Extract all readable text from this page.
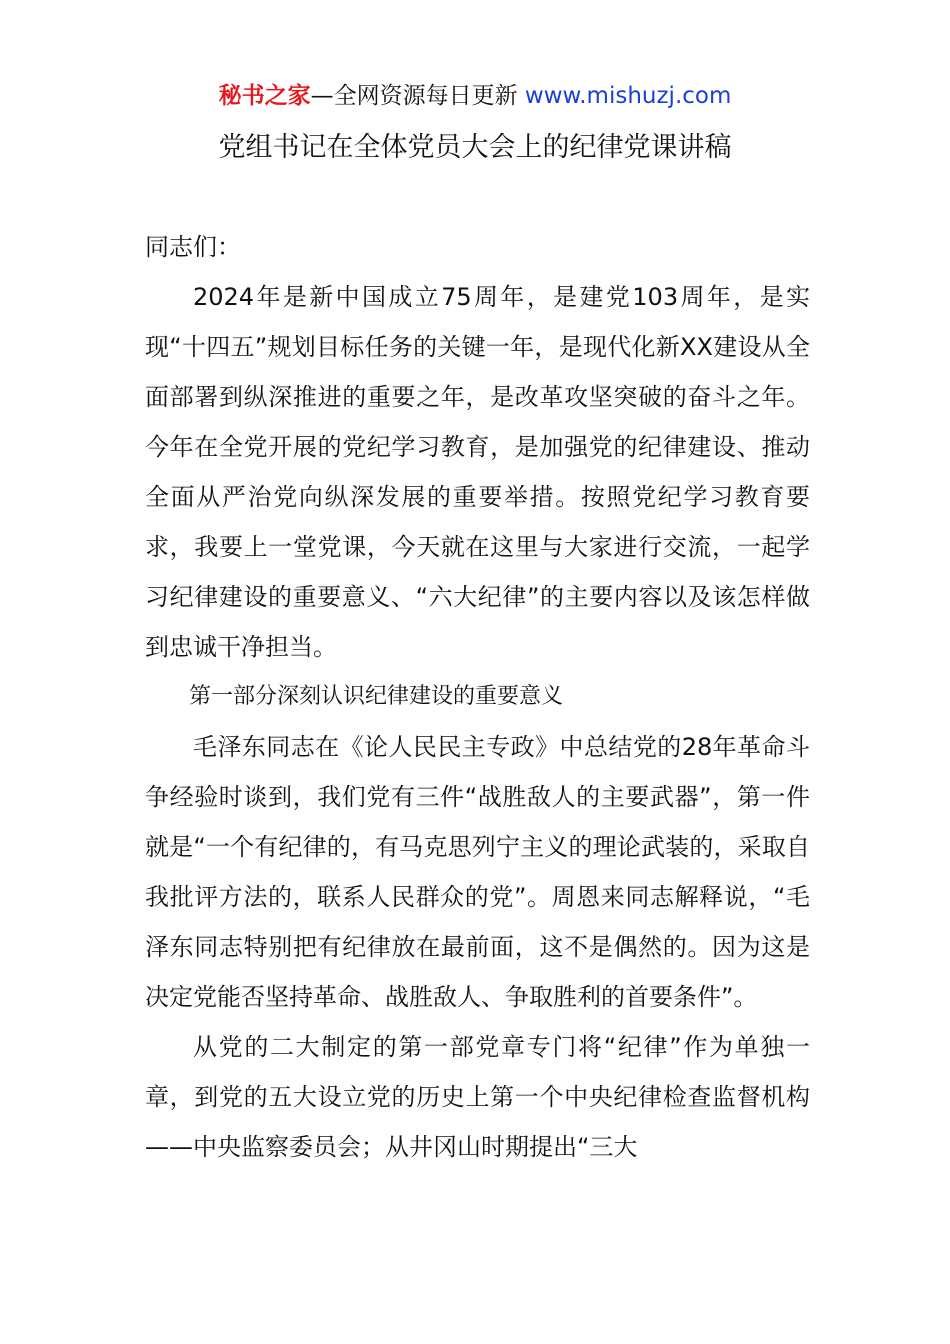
秘书之家—全网资源每日更新 www.mishuzj.com
党组书记在全体党员大会上的纪律党课讲稿

同志们：

2024年是新中国成立75周年，是建党103周年，是实现“十四五”规划目标任务的关键一年，是现代化新XX建设从全面部署到纵深推进的重要之年，是改革攻坚突破的奋斗之年。今年在全党开展的党纪学习教育，是加强党的纪律建设、推动全面从严治党向纵深发展的重要举措。按照党纪学习教育要求，我要上一堂党课，今天就在这里与大家进行交流，一起学习纪律建设的重要意义、“六大纪律”的主要内容以及该怎样做到忠诚干净担当。

第一部分深刻认识纪律建设的重要意义

毛泽东同志在《论人民民主专政》中总结党的28年革命斗争经验时谈到，我们党有三件“战胜敌人的主要武器”，第一件就是“一个有纪律的，有马克思列宁主义的理论武装的，采取自我批评方法的，联系人民群众的党”。周恩来同志解释说，“毛泽东同志特别把有纪律放在最前面，这不是偶然的。因为这是决定党能否坚持革命、战胜敌人、争取胜利的首要条件”。

从党的二大制定的第一部党章专门将“纪律”作为单独一章，到党的五大设立党的历史上第一个中央纪律检查监督机构——中央监察委员会；从井冈山时期提出“三大
